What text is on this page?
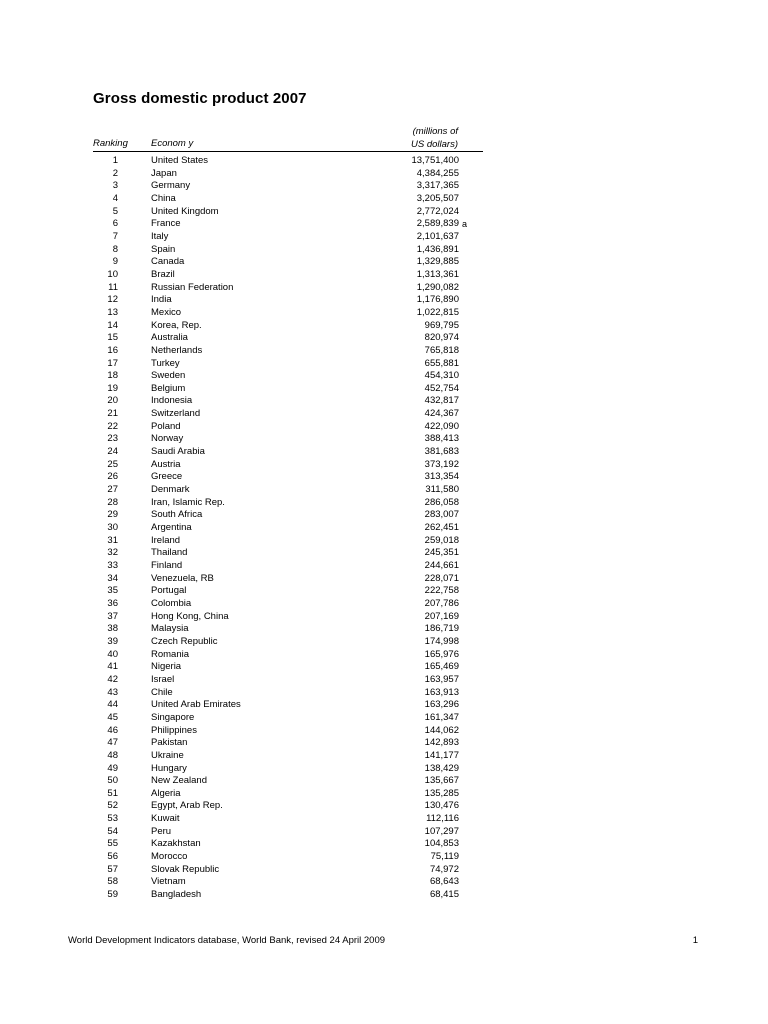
Gross domestic product 2007
Ranking Econom y
(millions of
US dollars)
1	United States	13,751,400
2	Japan	4,384,255
3	Germany	3,317,365
4	China	3,205,507
5	United Kingdom	2,772,024
6	France	2,589,839 a
7	Italy	2,101,637
8	Spain	1,436,891
9	Canada	1,329,885
10	Brazil	1,313,361
11	Russian Federation	1,290,082
12	India	1,176,890
13	Mexico	1,022,815
14	Korea, Rep.	969,795
15	Australia	820,974
16	Netherlands	765,818
17	Turkey	655,881
18	Sweden	454,310
19	Belgium	452,754
20	Indonesia	432,817
21	Switzerland	424,367
22	Poland	422,090
23	Norway	388,413
24	Saudi Arabia	381,683
25	Austria	373,192
26	Greece	313,354
27	Denmark	311,580
28	Iran, Islamic Rep.	286,058
29	South Africa	283,007
30	Argentina	262,451
31	Ireland	259,018
32	Thailand	245,351
33	Finland	244,661
34	Venezuela, RB	228,071
35	Portugal	222,758
36	Colombia	207,786
37	Hong Kong, China	207,169
38	Malaysia	186,719
39	Czech Republic	174,998
40	Romania	165,976
41	Nigeria	165,469
42	Israel	163,957
43	Chile	163,913
44	United Arab Emirates	163,296
45	Singapore	161,347
46	Philippines	144,062
47	Pakistan	142,893
48	Ukraine	141,177
49	Hungary	138,429
50	New Zealand	135,667
51	Algeria	135,285
52	Egypt, Arab Rep.	130,476
53	Kuwait	112,116
54	Peru	107,297
55	Kazakhstan	104,853
56	Morocco	75,119
57	Slovak Republic	74,972
58	Vietnam	68,643
59	Bangladesh	68,415
World Development Indicators database, World Bank, revised 24 April 2009	1
